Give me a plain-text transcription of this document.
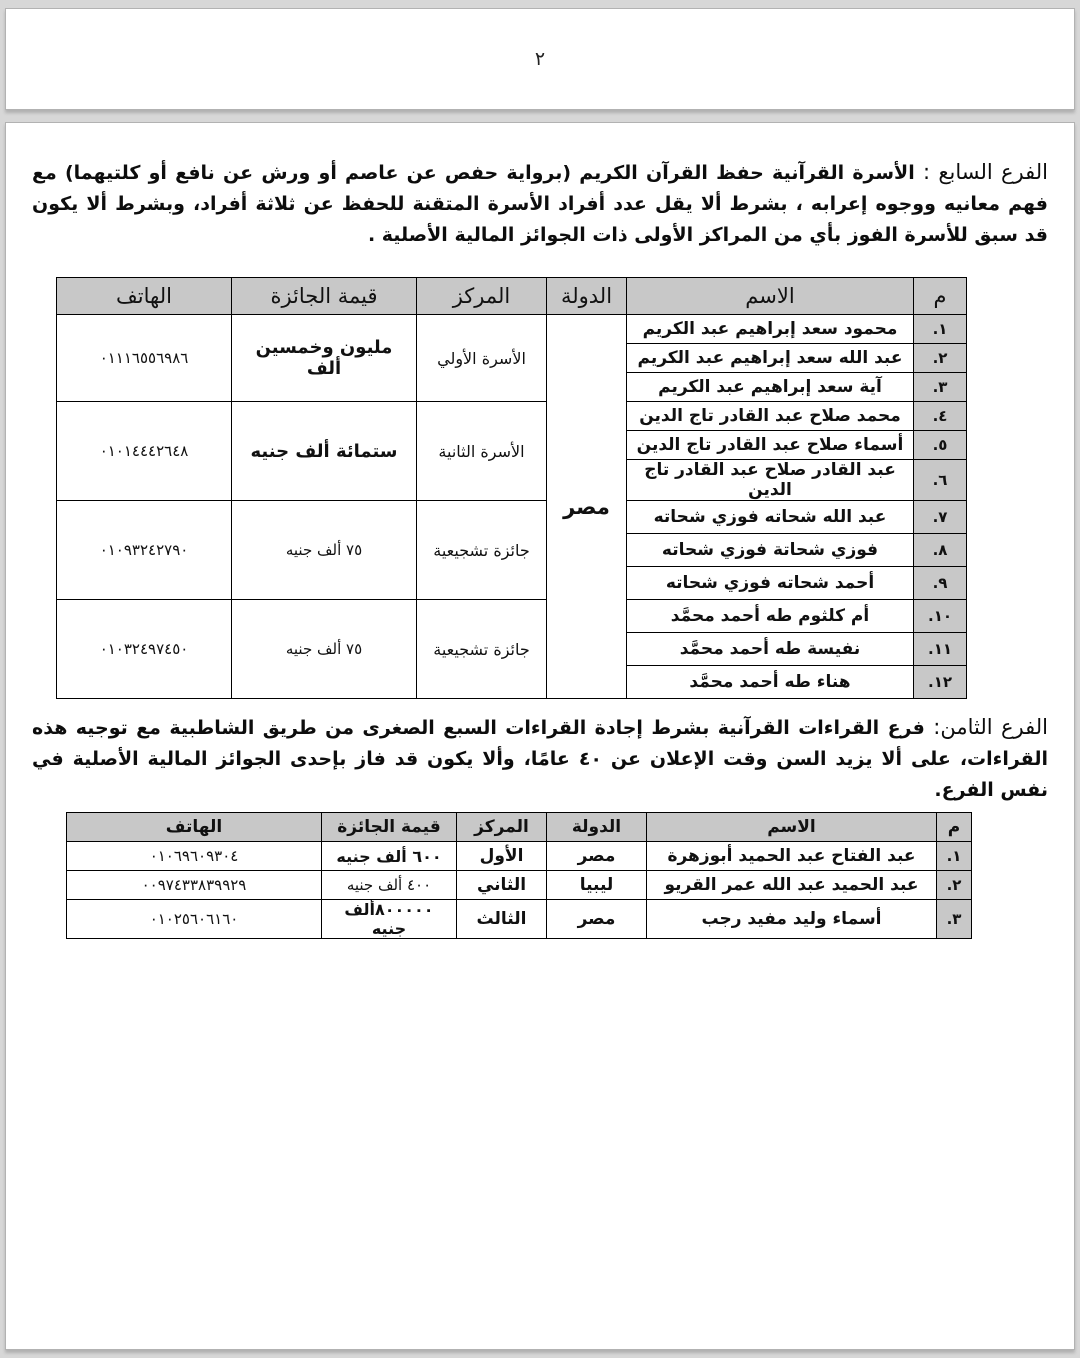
٢

الفرع السابع : الأسرة القرآنية حفظ القرآن الكريم (برواية حفص عن عاصم أو ورش عن نافع أو كلتيهما) مع فهم معانيه ووجوه إعرابه ، بشرط ألا يقل عدد أفراد الأسرة المتقنة للحفظ عن ثلاثة أفراد، وبشرط ألا يكون قد سبق للأسرة الفوز بأي من المراكز الأولى ذات الجوائز المالية الأصلية .

م	الاسم	الدولة	المركز	قيمة الجائزة	الهاتف
١.	محمود سعد إبراهيم عبد الكريم	مصر	الأسرة الأولي	مليون وخمسين ألف	٠١١١٦٥٥٦٩٨٦
٢.	عبد الله سعد إبراهيم عبد الكريم				
٣.	آية سعد إبراهيم عبد الكريم				
٤.	محمد صلاح عبد القادر تاج الدين		الأسرة الثانية	ستمائة ألف جنيه	٠١٠١٤٤٤٢٦٤٨
٥.	أسماء صلاح عبد القادر تاج الدين				
٦.	عبد القادر صلاح عبد القادر تاج الدين				
٧.	عبد الله شحاته فوزي شحاته		جائزة تشجيعية	٧٥ ألف جنيه	٠١٠٩٣٢٤٢٧٩٠
٨.	فوزي شحاتة فوزي شحاته				
٩.	أحمد شحاته فوزي شحاته				
١٠.	أم كلثوم طه أحمد محمَّد		جائزة تشجيعية	٧٥ ألف جنيه	٠١٠٣٢٤٩٧٤٥٠
١١.	نفيسة طه أحمد محمَّد				
١٢.	هناء طه أحمد محمَّد				

الفرع الثامن: فرع القراءات القرآنية بشرط إجادة القراءات السبع الصغرى من طريق الشاطبية مع توجيه هذه القراءات، على ألا يزيد السن وقت الإعلان عن ٤٠ عامًا، وألا يكون قد فاز بإحدى الجوائز المالية الأصلية في نفس الفرع.

م	الاسم	الدولة	المركز	قيمة الجائزة	الهاتف
١.	عبد الفتاح عبد الحميد أبوزهرة	مصر	الأول	٦٠٠ ألف جنيه	٠١٠٦٩٦٠٩٣٠٤
٢.	عبد الحميد عبد الله عمر القريو	ليبيا	الثاني	٤٠٠ ألف جنيه	٠٠٩٧٤٣٣٨٣٩٩٢٩
٣.	أسماء وليد مفيد رجب	مصر	الثالث	٨٠٠٠٠٠ألف جنيه	٠١٠٢٥٦٠٦١٦٠
